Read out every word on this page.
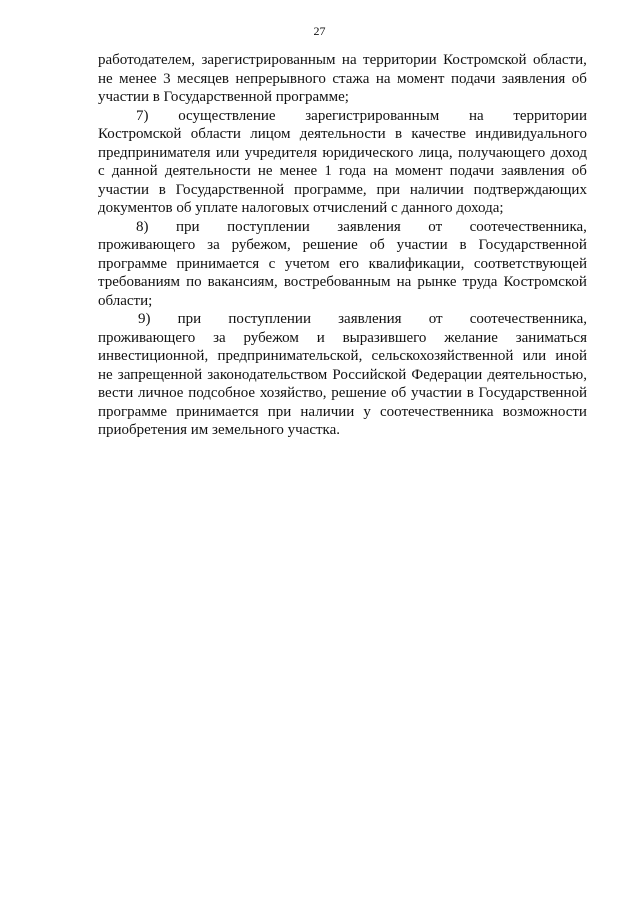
27
работодателем, зарегистрированным на территории Костромской области,
не менее 3 месяцев непрерывного стажа на момент подачи заявления об
участии в Государственной программе;
7) осуществление зарегистрированным на территории
Костромской области лицом деятельности в качестве индивидуального
предпринимателя или учредителя юридического лица, получающего доход
с данной деятельности не менее 1 года на момент подачи заявления об
участии в Государственной программе, при наличии подтверждающих
документов об уплате налоговых отчислений с данного дохода;
8) при поступлении заявления от соотечественника,
проживающего за рубежом, решение об участии в Государственной
программе принимается с учетом его квалификации, соответствующей
требованиям по вакансиям, востребованным на рынке труда Костромской
области;
9) при поступлении заявления от соотечественника,
проживающего за рубежом и выразившего желание заниматься
инвестиционной, предпринимательской, сельскохозяйственной или иной
не запрещенной законодательством Российской Федерации деятельностью,
вести личное подсобное хозяйство, решение об участии в Государственной
программе принимается при наличии у соотечественника возможности
приобретения им земельного участка.
